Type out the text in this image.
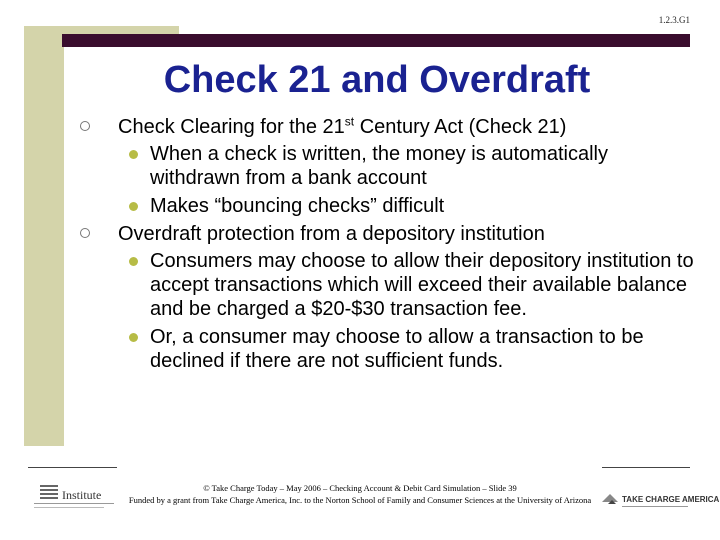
1.2.3.G1
Check 21 and Overdraft

Check Clearing for the 21st Century Act (Check 21)

When a check is written, the money is automatically withdrawn from a bank account

Makes “bouncing checks” difficult

Overdraft protection from a depository institution

Consumers may choose to allow their depository institution to accept transactions which will exceed their available balance and be charged a $20-$30 transaction fee.

Or, a consumer may choose to allow a transaction to be declined if there are not sufficient funds.

Institute	© Take Charge Today – May 2006 – Checking Account & Debit Card Simulation – Slide 39
Funded by a grant from Take Charge America, Inc. to the Norton School of Family and Consumer Sciences at the University of Arizona	TAKE CHARGE AMERICA
